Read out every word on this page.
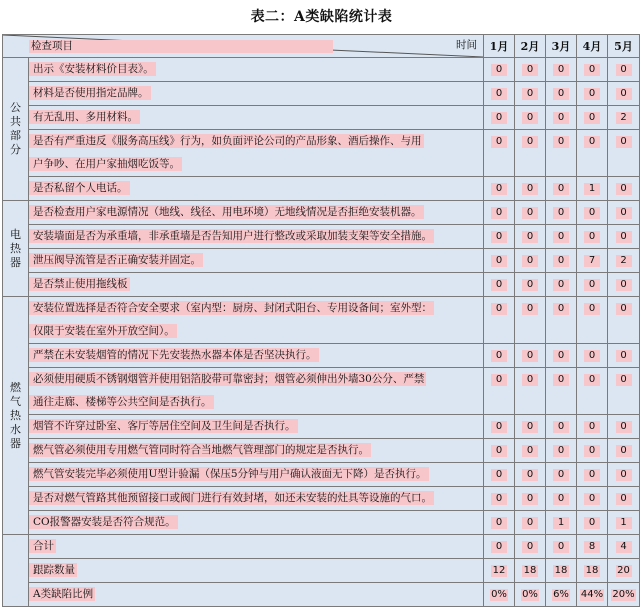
表二：A类缺陷统计表
检查项目 时间		1月	2月	3月	4月	5月
公共部分	出示《安装材料价目表》。	0	0	0	0	0

	材料是否使用指定品牌。	0	0	0	0	0

	有无乱用、多用材料。	0	0	0	0	2

	是否有严重违反《服务高压线》行为，如负面评论公司的产品形象、酒后操作、与用
户争吵、在用户家抽烟吃饭等。	0	0	0	0	0

	是否私留个人电话。	0	0	0	1	0
电热器	是否检查用户家电源情况（地线、线径、用电环境）无地线情况是否拒绝安装机器。	0	0	0	0	0

	安装墙面是否为承重墙，非承重墙是否告知用户进行整改或采取加装支架等安全措施。	0	0	0	0	0

	泄压阀导流管是否正确安装并固定。	0	0	0	7	2

	是否禁止使用拖线板	0	0	0	0	0
燃气热水器	安装位置选择是否符合安全要求（室内型：厨房、封闭式阳台、专用设备间；室外型：
仅限于安装在室外开放空间）。	0	0	0	0	0

	严禁在未安装烟管的情况下先安装热水器本体是否坚决执行。	0	0	0	0	0

	必须使用硬质不锈钢烟管并使用铝箔胶带可靠密封；烟管必须伸出外墙30公分、严禁
通往走廊、楼梯等公共空间是否执行。	0	0	0	0	0

	烟管不许穿过卧室、客厅等居住空间及卫生间是否执行。	0	0	0	0	0

	燃气管必须使用专用燃气管同时符合当地燃气管理部门的规定是否执行。	0	0	0	0	0

	燃气管安装完毕必须使用U型计验漏（保压5分钟与用户确认液面无下降）是否执行。	0	0	0	0	0

	是否对燃气管路其他预留接口或阀门进行有效封堵，如还未安装的灶具等设施的气口。	0	0	0	0	0

	CO报警器安装是否符合规范。	0	0	1	0	1

	合计	0	0	0	8	4

	跟踪数量	12	18	18	18	20

	A类缺陷比例	0%	0%	6%	44%	20%
